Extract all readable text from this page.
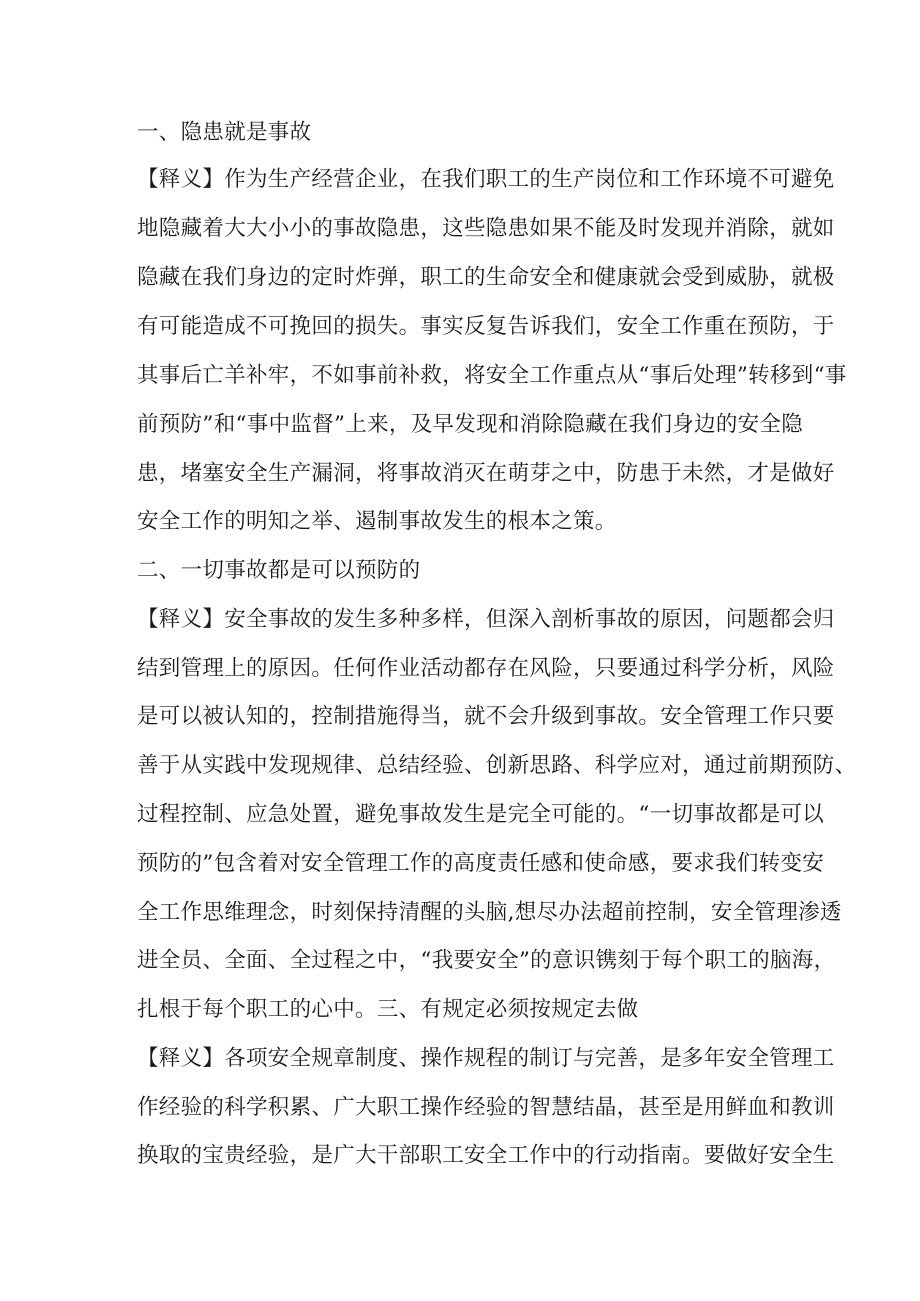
一、隐患就是事故
【释义】作为生产经营企业，在我们职工的生产岗位和工作环境不可避免
地隐藏着大大小小的事故隐患，这些隐患如果不能及时发现并消除，就如
隐藏在我们身边的定时炸弹，职工的生命安全和健康就会受到威胁，就极
有可能造成不可挽回的损失。事实反复告诉我们，安全工作重在预防，于
其事后亡羊补牢，不如事前补救，将安全工作重点从“事后处理”转移到“事
前预防”和“事中监督”上来，及早发现和消除隐藏在我们身边的安全隐
患，堵塞安全生产漏洞，将事故消灭在萌芽之中，防患于未然，才是做好
安全工作的明知之举、遏制事故发生的根本之策。
二、一切事故都是可以预防的
【释义】安全事故的发生多种多样，但深入剖析事故的原因，问题都会归
结到管理上的原因。任何作业活动都存在风险，只要通过科学分析，风险
是可以被认知的，控制措施得当，就不会升级到事故。安全管理工作只要
善于从实践中发现规律、总结经验、创新思路、科学应对，通过前期预防、
过程控制、应急处置，避免事故发生是完全可能的。“一切事故都是可以
预防的”包含着对安全管理工作的高度责任感和使命感，要求我们转变安
全工作思维理念，时刻保持清醒的头脑,想尽办法超前控制，安全管理渗透
进全员、全面、全过程之中，“我要安全”的意识镌刻于每个职工的脑海，
扎根于每个职工的心中。三、有规定必须按规定去做
【释义】各项安全规章制度、操作规程的制订与完善，是多年安全管理工
作经验的科学积累、广大职工操作经验的智慧结晶，甚至是用鲜血和教训
换取的宝贵经验，是广大干部职工安全工作中的行动指南。要做好安全生
